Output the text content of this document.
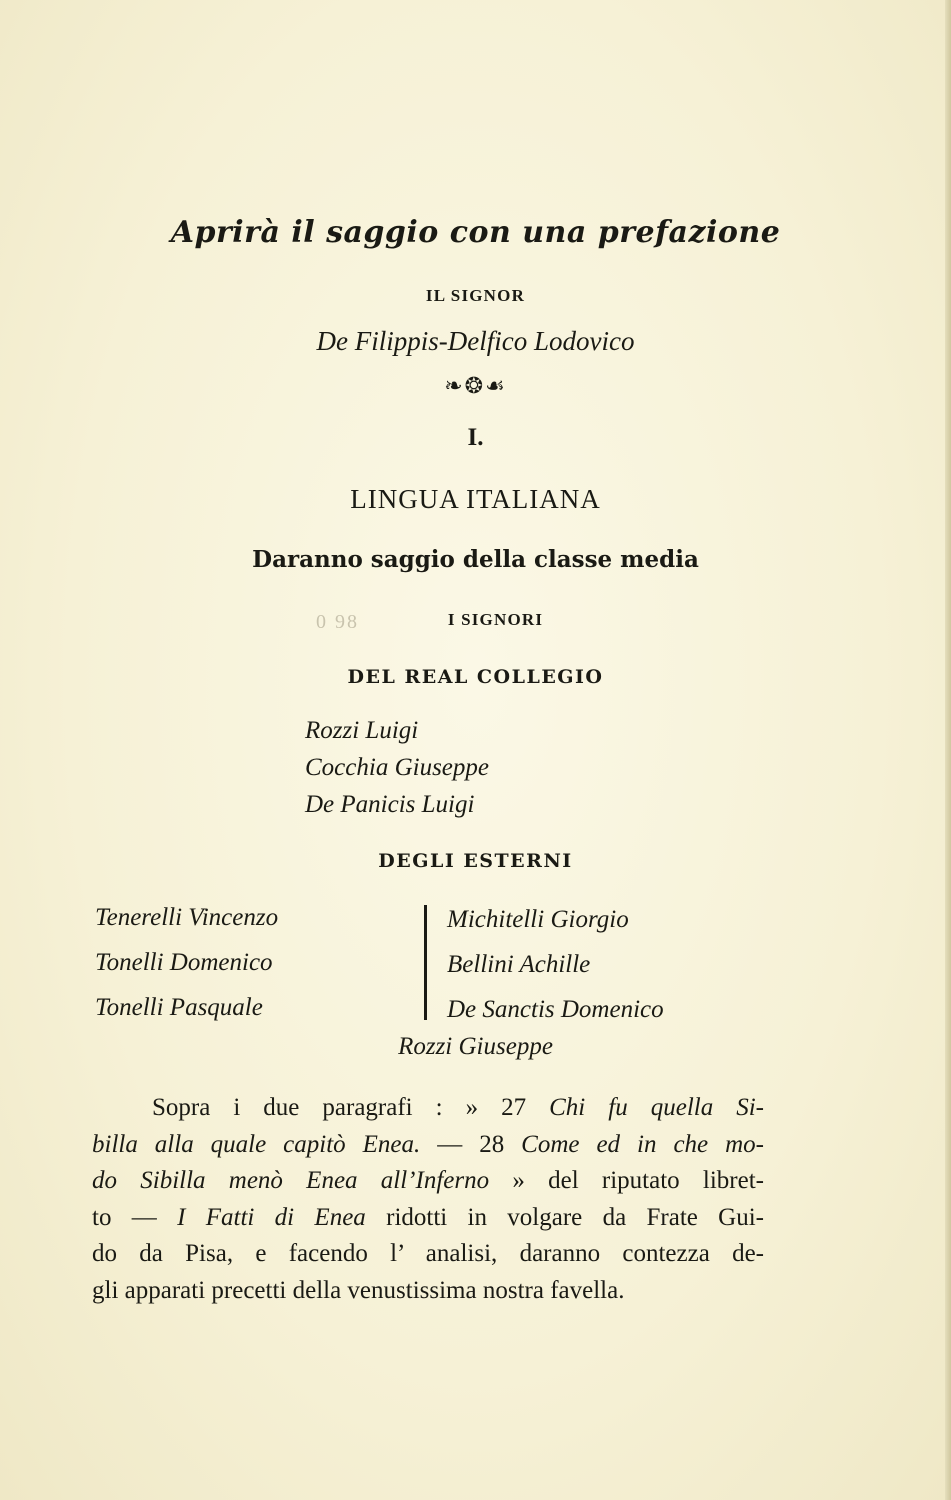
Aprirà il saggio con una prefazione
IL SIGNOR
De Filippis-Delfico Lodovico
❧❂☙
I.
LINGUA ITALIANA
Daranno saggio della classe media
0 98	I SIGNORI
DEL REAL COLLEGIO
Rozzi Luigi
Cocchia Giuseppe
De Panicis Luigi
DEGLI ESTERNI
Tenerelli Vincenzo
Tonelli Domenico
Tonelli Pasquale
Michitelli Giorgio
Bellini Achille
De Sanctis Domenico
Rozzi Giuseppe
Sopra i due paragrafi : » 27 Chi fu quella Si-
billa alla quale capitò Enea. — 28 Come ed in che mo-
do Sibilla menò Enea all’Inferno » del riputato libret-
to — I Fatti di Enea ridotti in volgare da Frate Gui-
do da Pisa, e facendo l’ analisi, daranno contezza de-
gli apparati precetti della venustissima nostra favella.
